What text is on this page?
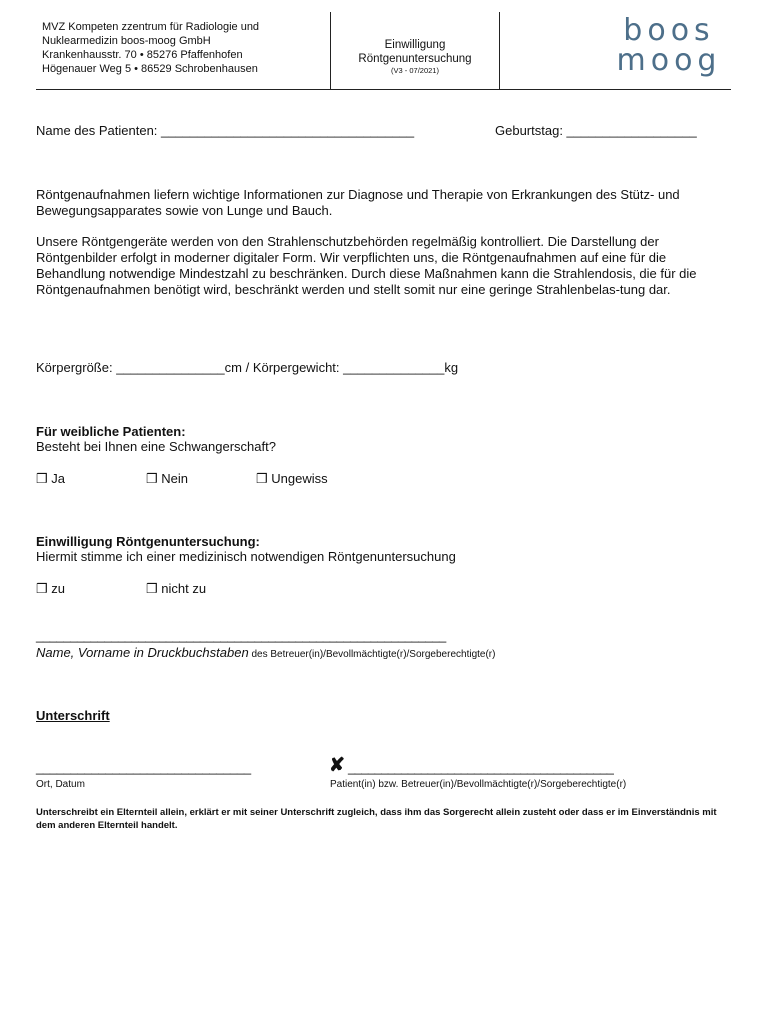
MVZ Kompeten zzentrum für Radiologie und
Nuklearmedizin boos-moog GmbH
Krankenhausstr. 70 • 85276 Pfaffenhofen
Högenauer Weg 5 • 86529 Schrobenhausen
Einwilligung
Röntgenuntersuchung
(V3 - 07/2021)
boos
moog
Name des Patienten: ___________________________________	Geburtstag: __________________
Röntgenaufnahmen liefern wichtige Informationen zur Diagnose und Therapie von Erkrankungen des Stütz- und Bewegungsapparates sowie von Lunge und Bauch.
Unsere Röntgengeräte werden von den Strahlenschutzbehörden regelmäßig kontrolliert. Die Darstellung der Röntgenbilder erfolgt in moderner digitaler Form. Wir verpflichten uns, die Röntgenaufnahmen auf eine für die Behandlung notwendige Mindestzahl zu beschränken. Durch diese Maßnahmen kann die Strahlendosis, die für die Röntgenaufnahmen benötigt wird, beschränkt werden und stellt somit nur eine geringe Strahlenbelas-tung dar.
Körpergröße: _______________cm / Körpergewicht: ______________kg
Für weibliche Patienten:
Besteht bei Ihnen eine Schwangerschaft?
❒ Ja	❒ Nein	❒ Ungewiss
Einwilligung Röntgenuntersuchung:
Hiermit stimme ich einer medizinisch notwendigen Röntgenuntersuchung
❒ zu	❒ nicht zu
____________________________________________________________
Name, Vorname in Druckbuchstaben des Betreuer(in)/Bevollmächtigte(r)/Sorgeberechtigte(r)
Unterschrift
_______________________________
Ort, Datum
✘ ________________________________________
Patient(in) bzw. Betreuer(in)/Bevollmächtigte(r)/Sorgeberechtigte(r)
Unterschreibt ein Elternteil allein, erklärt er mit seiner Unterschrift zugleich, dass ihm das Sorgerecht allein zusteht oder dass er im Einverständnis mit dem anderen Elternteil handelt.
